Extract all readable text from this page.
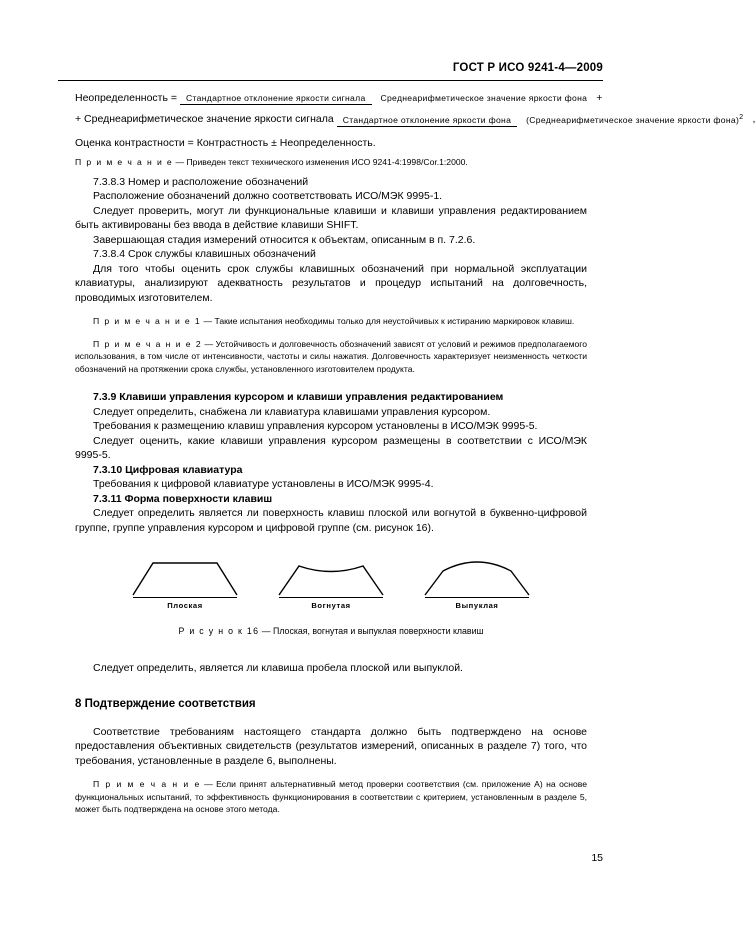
ГОСТ Р ИСО 9241-4—2009
Неопределенность =	Стандартное отклонение яркости сигнала Среднеарифметическое значение яркости фона +
+ Среднеарифметическое значение яркости сигнала	Стандартное отклонение яркости фона (Среднеарифметическое значение яркости фона)$^2$

Оценка контрастности = Контрастность ± Неопределенность.

П р и м е ч а н и е — Приведен текст технического изменения ИСО 9241-4:1998/Cor.1:2000.

7.3.8.3 Номер и расположение обозначений

Расположение обозначений должно соответствовать ИСО/МЭК 9995-1.

Следует проверить, могут ли функциональные клавиши и клавиши управления редактированием быть активированы без ввода в действие клавиши SHIFT.

Завершающая стадия измерений относится к объектам, описанным в п. 7.2.6.

7.3.8.4 Срок службы клавишных обозначений

Для того чтобы оценить срок службы клавишных обозначений при нормальной эксплуатации клавиатуры, анализируют адекватность результатов и процедур испытаний на долговечность, проводимых изготовителем.

П р и м е ч а н и е 1 — Такие испытания необходимы только для неустойчивых к истиранию маркировок клавиш.

П р и м е ч а н и е 2 — Устойчивость и долговечность обозначений зависят от условий и режимов предполагаемого использования, в том числе от интенсивности, частоты и силы нажатия. Долговечность характеризует неизменность четкости обозначений на протяжении срока службы, установленного изготовителем продукта.

7.3.9 Клавиши управления курсором и клавиши управления редактированием

Следует определить, снабжена ли клавиатура клавишами управления курсором.

Требования к размещению клавиш управления курсором установлены в ИСО/МЭК 9995-5.

Следует оценить, какие клавиши управления курсором размещены в соответствии с ИСО/МЭК 9995-5.

7.3.10 Цифровая клавиатура

Требования к цифровой клавиатуре установлены в ИСО/МЭК 9995-4.

7.3.11 Форма поверхности клавиш

Следует определить является ли поверхность клавиш плоской или вогнутой в буквенно-цифровой группе, группе управления курсором и цифровой группе (см. рисунок 16).

Плоская	Вогнутая	Выпуклая
Р и с у н о к 16 — Плоская, вогнутая и выпуклая поверхности клавиш

Следует определить, является ли клавиша пробела плоской или выпуклой.

8 Подтверждение соответствия

Соответствие требованиям настоящего стандарта должно быть подтверждено на основе предоставления объективных свидетельств (результатов измерений, описанных в разделе 7) того, что требования, установленные в разделе 6, выполнены.

П р и м е ч а н и е — Если принят альтернативный метод проверки соответствия (см. приложение А) на основе функциональных испытаний, то эффективность функционирования в соответствии с критерием, установленным в разделе 5, может быть подтверждена на основе этого метода.

15
